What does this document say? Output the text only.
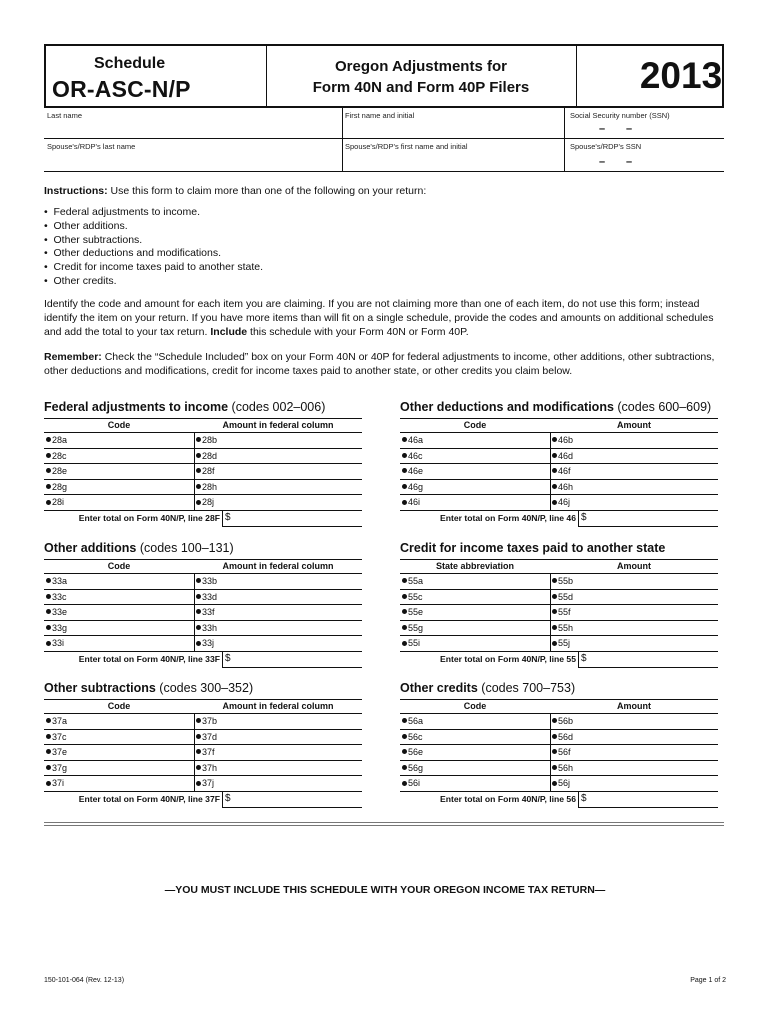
Schedule
OR-ASC-N/P
Oregon Adjustments for
Form 40N and Form 40P Filers	2013
Last name	First name and initial	Social Security number (SSN)
– –
Spouse's/RDP's last name	Spouse's/RDP's first name and initial	Spouse's/RDP's SSN
– –
Instructions: Use this form to claim more than one of the following on your return:
•  Federal adjustments to income.
•  Other additions.
•  Other subtractions.
•  Other deductions and modifications.
•  Credit for income taxes paid to another state.
•  Other credits.
Identify the code and amount for each item you are claiming. If you are not claiming more than one of each item, do not use this form; instead identify the item on your return. If you have more items than will fit on a single schedule, provide the codes and amounts on additional schedules and add the total to your tax return. Include this schedule with your Form 40N or Form 40P.
Remember: Check the “Schedule Included” box on your Form 40N or 40P for federal adjustments to income, other additions, other subtractions, other deductions and modifications, credit for income taxes paid to another state, or other credits you claim below.
Federal adjustments to income (codes 002–006)
Code	Amount in federal column
28a	28b
28c	28d
28e	28f
28g	28h
28i	28j
Enter total on Form 40N/P, line 28F $
Other deductions and modifications (codes 600–609)
Code	Amount
46a	46b
46c	46d
46e	46f
46g	46h
46i	46j
Enter total on Form 40N/P, line 46 $
Other additions (codes 100–131)
Code	Amount in federal column
33a	33b
33c	33d
33e	33f
33g	33h
33i	33j
Enter total on Form 40N/P, line 33F $
Credit for income taxes paid to another state
State abbreviation	Amount
55a	55b
55c	55d
55e	55f
55g	55h
55i	55j
Enter total on Form 40N/P, line 55 $
Other subtractions (codes 300–352)
Code	Amount in federal column
37a	37b
37c	37d
37e	37f
37g	37h
37i	37j
Enter total on Form 40N/P, line 37F $
Other credits (codes 700–753)
Code	Amount
56a	56b
56c	56d
56e	56f
56g	56h
56i	56j
Enter total on Form 40N/P, line 56 $
—YOU MUST INCLUDE THIS SCHEDULE WITH YOUR OREGON INCOME TAX RETURN—
150-101-064 (Rev. 12-13)	Page 1 of 2
